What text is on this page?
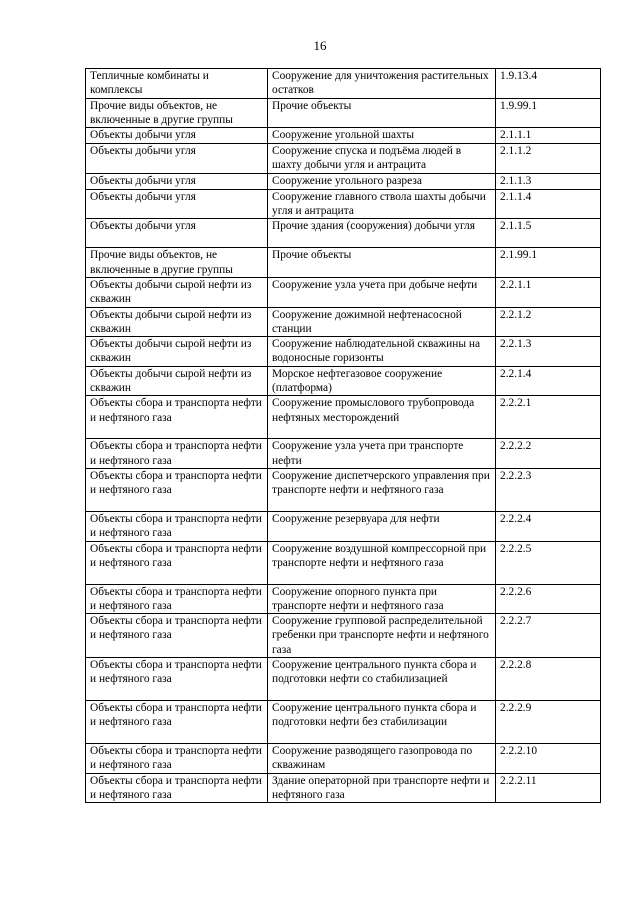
16
Тепличные комбинаты и комплексы	Сооружение для уничтожения растительных остатков	1.9.13.4
Прочие виды объектов, не включенные в другие группы	Прочие объекты	1.9.99.1
Объекты добычи угля	Сооружение угольной шахты	2.1.1.1
Объекты добычи угля	Сооружение спуска и подъёма людей в шахту добычи угля и антрацита	2.1.1.2
Объекты добычи угля	Сооружение угольного разреза	2.1.1.3
Объекты добычи угля	Сооружение главного ствола шахты добычи угля и антрацита	2.1.1.4
Объекты добычи угля	Прочие здания (сооружения) добычи угля	2.1.1.5
Прочие виды объектов, не включенные в другие группы	Прочие объекты	2.1.99.1
Объекты добычи сырой нефти из скважин	Сооружение узла учета при добыче нефти	2.2.1.1
Объекты добычи сырой нефти из скважин	Сооружение дожимной нефтенасосной станции	2.2.1.2
Объекты добычи сырой нефти из скважин	Сооружение наблюдательной скважины на водоносные горизонты	2.2.1.3
Объекты добычи сырой нефти из скважин	Морское нефтегазовое сооружение (платформа)	2.2.1.4
Объекты сбора и транспорта нефти и нефтяного газа	Сооружение промыслового трубопровода нефтяных месторождений	2.2.2.1
Объекты сбора и транспорта нефти и нефтяного газа	Сооружение узла учета при транспорте нефти	2.2.2.2
Объекты сбора и транспорта нефти и нефтяного газа	Сооружение диспетчерского управления при транспорте нефти и нефтяного газа	2.2.2.3
Объекты сбора и транспорта нефти и нефтяного газа	Сооружение резервуара для нефти	2.2.2.4
Объекты сбора и транспорта нефти и нефтяного газа	Сооружение воздушной компрессорной при транспорте нефти и нефтяного газа	2.2.2.5
Объекты сбора и транспорта нефти и нефтяного газа	Сооружение опорного пункта при транспорте нефти и нефтяного газа	2.2.2.6
Объекты сбора и транспорта нефти и нефтяного газа	Сооружение групповой распределительной гребенки при транспорте нефти и нефтяного газа	2.2.2.7
Объекты сбора и транспорта нефти и нефтяного газа	Сооружение центрального пункта сбора и подготовки нефти со стабилизацией	2.2.2.8
Объекты сбора и транспорта нефти и нефтяного газа	Сооружение центрального пункта сбора и подготовки нефти без стабилизации	2.2.2.9
Объекты сбора и транспорта нефти и нефтяного газа	Сооружение разводящего газопровода по скважинам	2.2.2.10
Объекты сбора и транспорта нефти и нефтяного газа	Здание операторной при транспорте нефти и нефтяного газа	2.2.2.11
